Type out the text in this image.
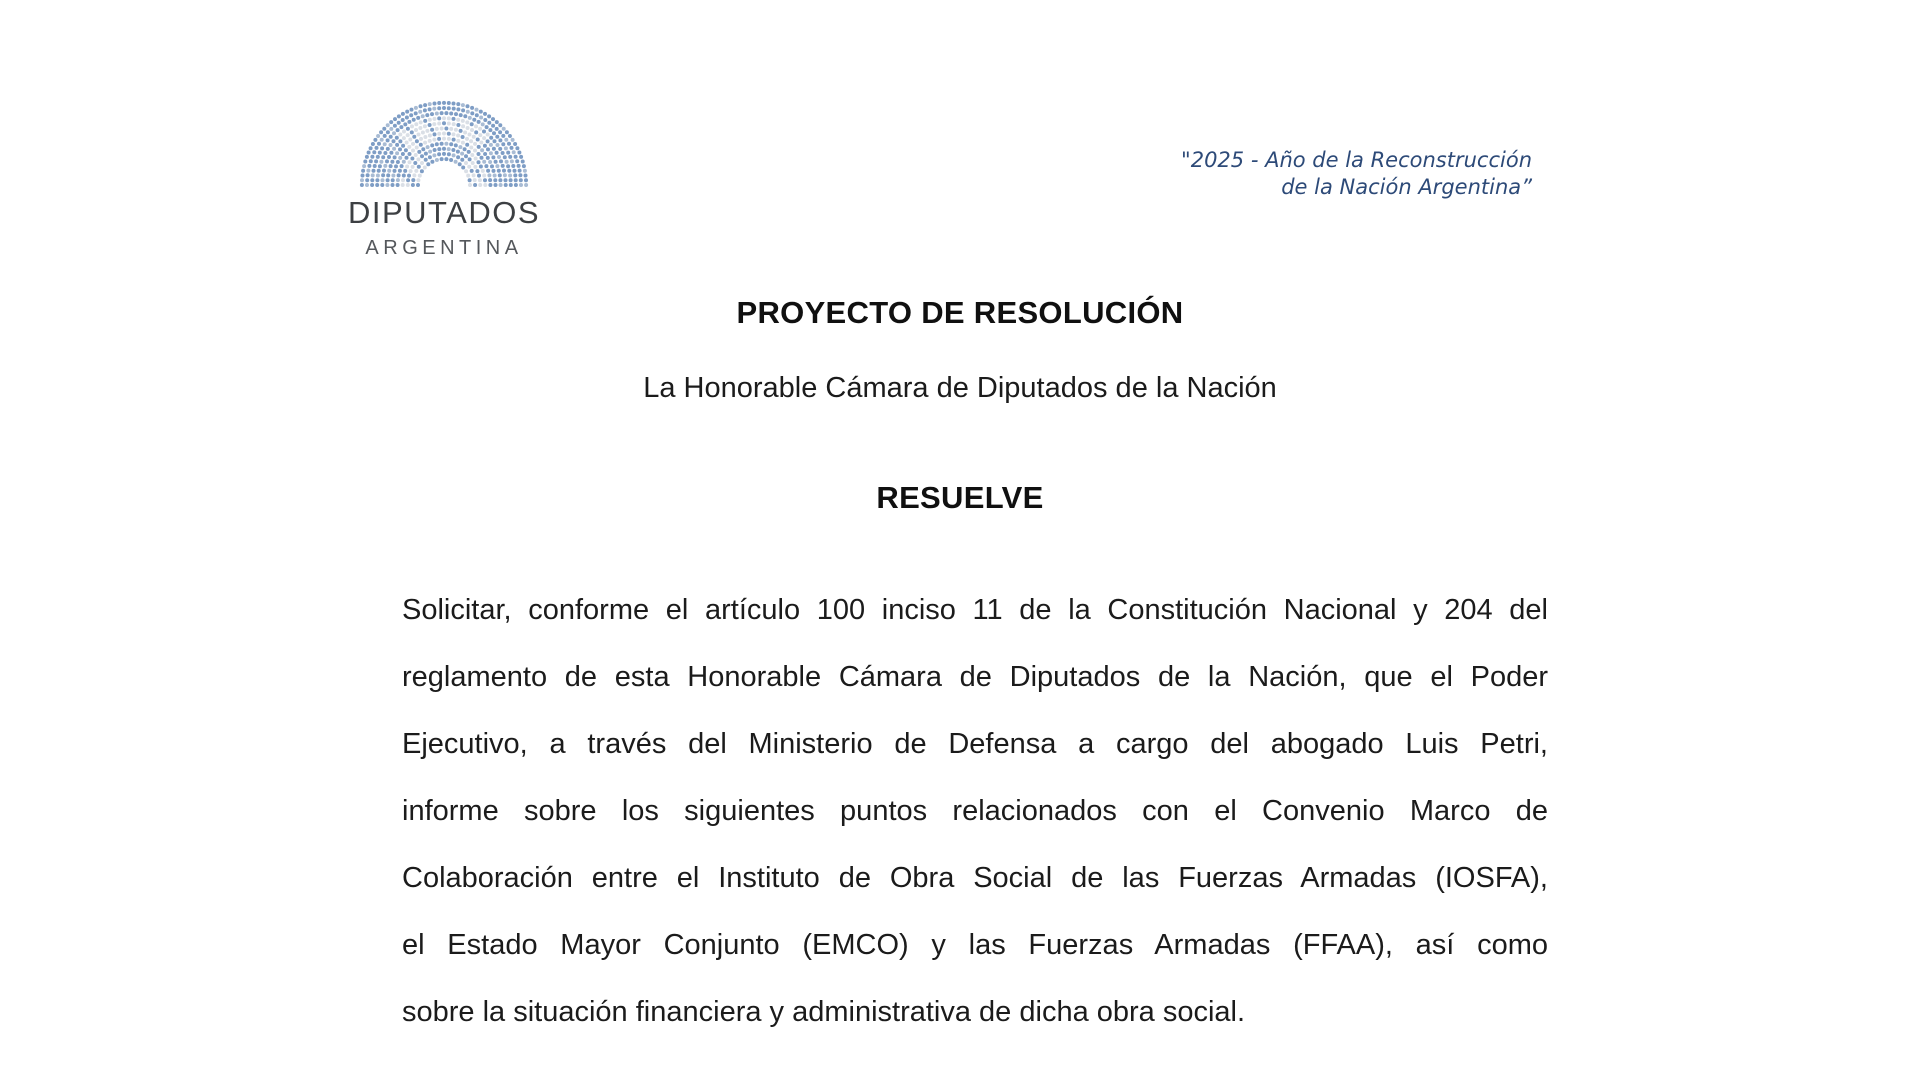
DIPUTADOS
ARGENTINA
"2025 - Año de la Reconstrucción
de la Nación Argentina”
PROYECTO DE RESOLUCIÓN
La Honorable Cámara de Diputados de la Nación
RESUELVE
Solicitar, conforme el artículo 100 inciso 11 de la Constitución Nacional y 204 del
reglamento de esta Honorable Cámara de Diputados de la Nación, que el Poder
Ejecutivo, a través del Ministerio de Defensa a cargo del abogado Luis Petri,
informe sobre los siguientes puntos relacionados con el Convenio Marco de
Colaboración entre el Instituto de Obra Social de las Fuerzas Armadas (IOSFA),
el Estado Mayor Conjunto (EMCO) y las Fuerzas Armadas (FFAA), así como
sobre la situación financiera y administrativa de dicha obra social.
